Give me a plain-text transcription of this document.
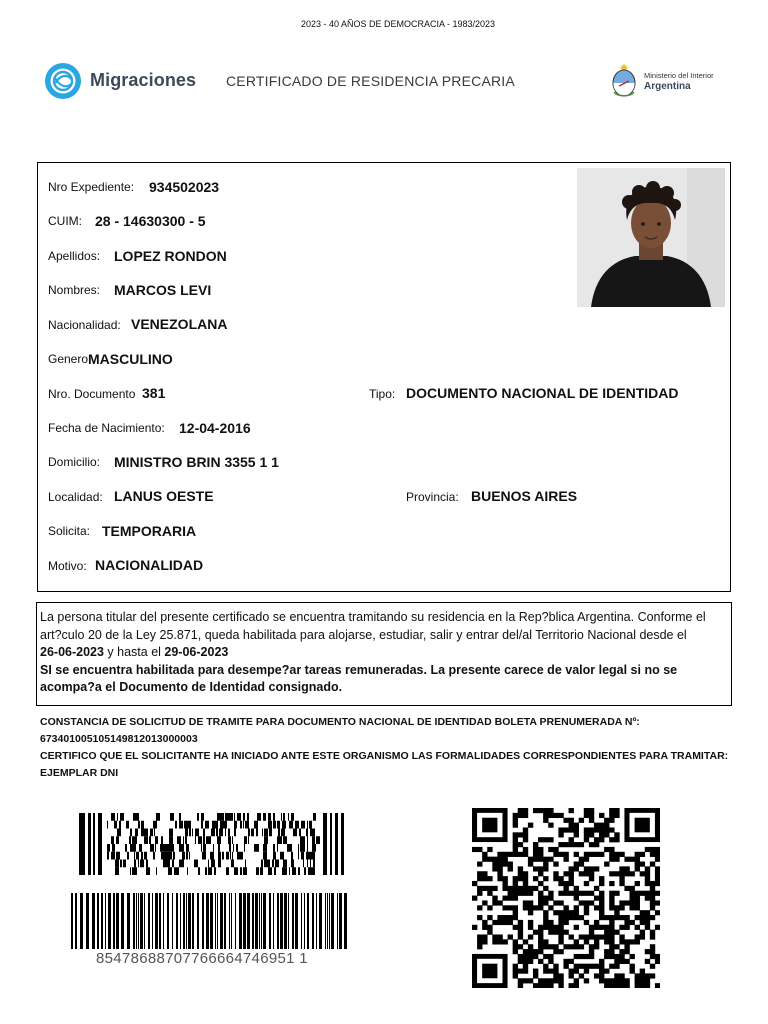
2023 - 40 AÑOS DE DEMOCRACIA - 1983/2023
Migraciones CERTIFICADO DE RESIDENCIA PRECARIA	Ministerio del Interior
Argentina
Nro Expediente: 934502023
CUIM: 28 - 14630300 - 5
Apellidos: LOPEZ RONDON
Nombres: MARCOS LEVI
Nacionalidad: VENEZOLANA
Genero MASCULINO
Nro. Documento 381	Tipo: DOCUMENTO NACIONAL DE IDENTIDAD
Fecha de Nacimiento: 12-04-2016
Domicilio: MINISTRO BRIN 3355 1 1
Localidad: LANUS OESTE	Provincia: BUENOS AIRES
Solicita: TEMPORARIA
Motivo: NACIONALIDAD
La persona titular del presente certificado se encuentra tramitando su residencia en la Rep?blica Argentina. Conforme el art?culo 20 de la Ley 25.871, queda habilitada para alojarse, estudiar, salir y entrar del/al Territorio Nacional desde el
26-06-2023 y hasta el 29-06-2023
SI se encuentra habilitada para desempe?ar tareas remuneradas. La presente carece de valor legal si no se acompa?a el Documento de Identidad consignado.
CONSTANCIA DE SOLICITUD DE TRAMITE PARA DOCUMENTO NACIONAL DE IDENTIDAD BOLETA PRENUMERADA Nº:
673401005105149812013000003
CERTIFICO QUE EL SOLICITANTE HA INICIADO ANTE ESTE ORGANISMO LAS FORMALIDADES CORRESPONDIENTES PARA TRAMITAR: EJEMPLAR DNI
85478688707766664746951 1
